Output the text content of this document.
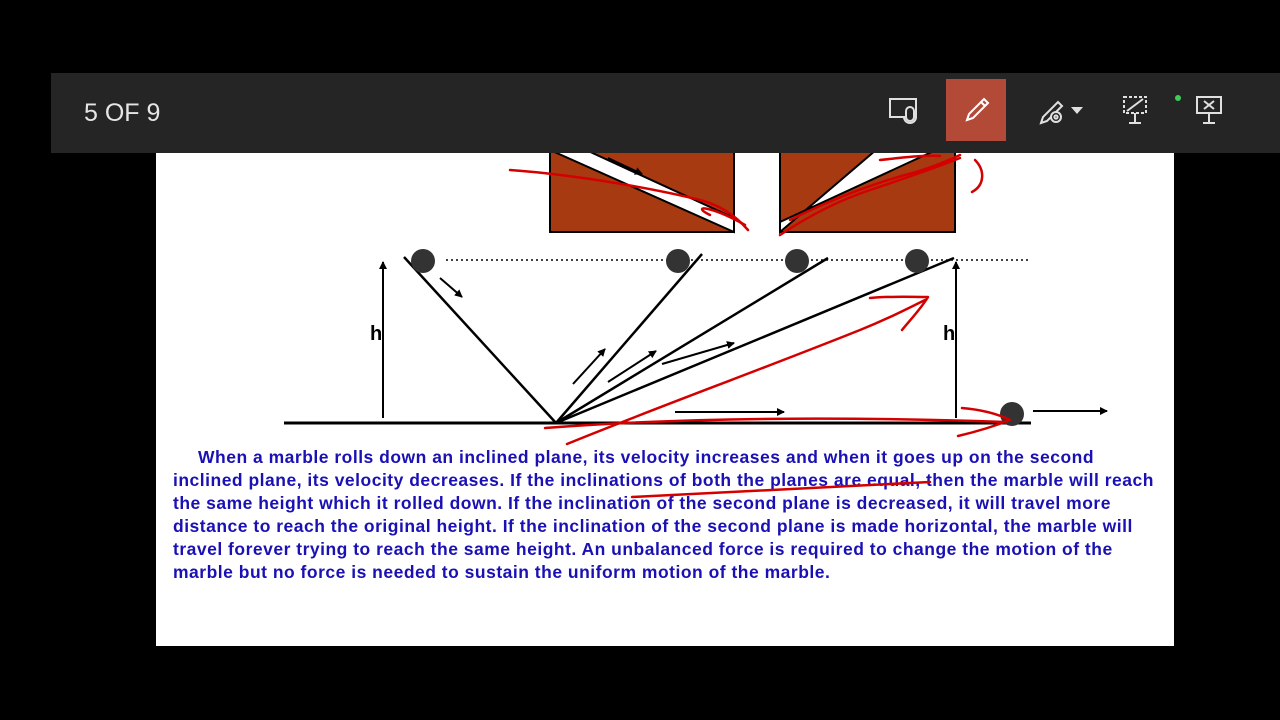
h	h

When a marble rolls down an inclined plane, its velocity increases and when it goes up on the second inclined plane, its velocity decreases. If the inclinations of both the planes are equal, then the marble will reach the same height which it rolled down. If the inclination of the second plane is decreased, it will travel more distance to reach the original height. If the inclination of the second plane is made horizontal, the marble will travel forever trying to reach the same height. An unbalanced force is required to change the motion of the marble but no force is needed to sustain the uniform motion of the marble.

5 OF 9
